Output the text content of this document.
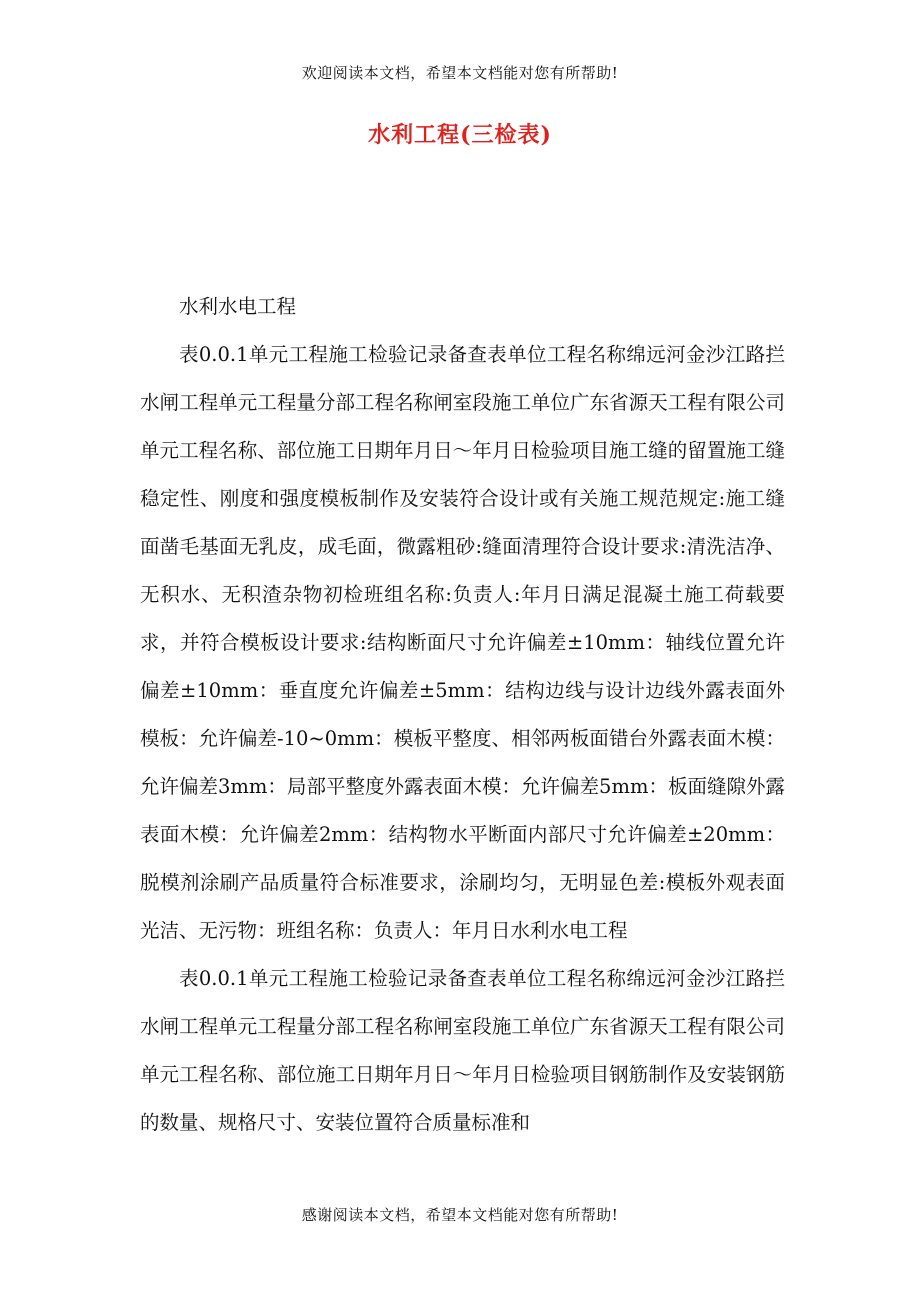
欢迎阅读本文档，希望本文档能对您有所帮助!
水利工程(三检表)

水利水电工程

表0.0.1单元工程施工检验记录备查表单位工程名称绵远河金沙江路拦水闸工程单元工程量分部工程名称闸室段施工单位广东省源天工程有限公司单元工程名称、部位施工日期年月日～年月日检验项目施工缝的留置施工缝稳定性、刚度和强度模板制作及安装符合设计或有关施工规范规定:施工缝面凿毛基面无乳皮，成毛面，微露粗砂:缝面清理符合设计要求:清洗洁净、无积水、无积渣杂物初检班组名称:负责人:年月日满足混凝土施工荷载要求，并符合模板设计要求:结构断面尺寸允许偏差±10mm：轴线位置允许偏差±10mm：垂直度允许偏差±5mm：结构边线与设计边线外露表面外模板：允许偏差-10~0mm：模板平整度、相邻两板面错台外露表面木模：允许偏差3mm：局部平整度外露表面木模：允许偏差5mm：板面缝隙外露表面木模：允许偏差2mm：结构物水平断面内部尺寸允许偏差±20mm：脱模剂涂刷产品质量符合标准要求，涂刷均匀，无明显色差:模板外观表面光洁、无污物：班组名称：负责人：年月日水利水电工程

表0.0.1单元工程施工检验记录备查表单位工程名称绵远河金沙江路拦水闸工程单元工程量分部工程名称闸室段施工单位广东省源天工程有限公司单元工程名称、部位施工日期年月日～年月日检验项目钢筋制作及安装钢筋的数量、规格尺寸、安装位置符合质量标准和

感谢阅读本文档，希望本文档能对您有所帮助!
